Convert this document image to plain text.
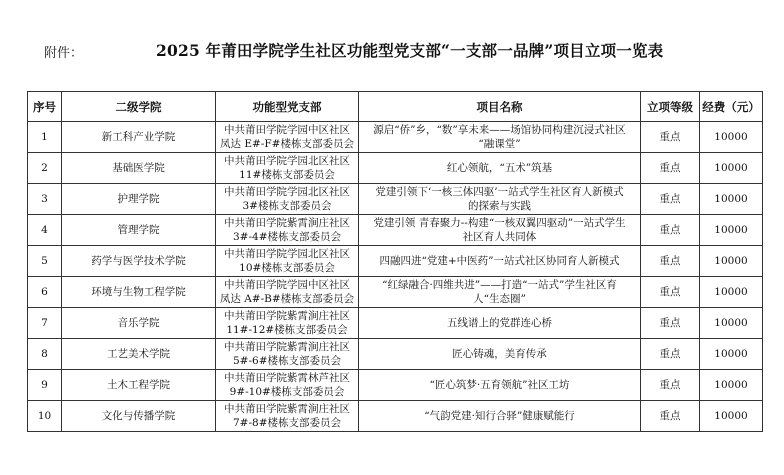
附件：	2025 年莆田学院学生社区功能型党支部“一支部一品牌”项目立项一览表
序号	二级学院	功能型党支部	项目名称	立项等级	经费（元）
1	新工科产业学院	中共莆田学院学园中区社区
凤达 E#-F#楼栋支部委员会	源启“侨”乡，“数”享未来——场馆协同构建沉浸式社区
“融课堂”	重点	10000
2	基础医学院	中共莆田学院学园北区社区
11#楼栋支部委员会	红心领航，“五术”筑基	重点	10000
3	护理学院	中共莆田学院学园北区社区
3#楼栋支部委员会	党建引领下‘一核三体四驱’一站式学生社区育人新模式
的探索与实践	重点	10000
4	管理学院	中共莆田学院紫霄涧庄社区
3#-4#楼栋支部委员会	党建引领 青春聚力--构建“一核双翼四驱动”一站式学生
社区育人共同体	重点	10000
5	药学与医学技术学院	中共莆田学院学园北区社区
10#楼栋支部委员会	四融四进“党建+中医药”一站式社区协同育人新模式	重点	10000
6	环境与生物工程学院	中共莆田学院学园中区社区
凤达 A#-B#楼栋支部委员会	“红绿融合·四维共进”——打造“一站式”学生社区育
人“生态圈”	重点	10000
7	音乐学院	中共莆田学院紫霄涧庄社区
11#-12#楼栋支部委员会	五线谱上的党群连心桥	重点	10000
8	工艺美术学院	中共莆田学院紫霄涧庄社区
5#-6#楼栋支部委员会	匠心铸魂，美育传承	重点	10000
9	土木工程学院	中共莆田学院紫霄林芦社区
9#-10#楼栋支部委员会	“匠心筑梦·五育领航”社区工坊	重点	10000
10	文化与传播学院	中共莆田学院紫霄涧庄社区
7#-8#楼栋支部委员会	“气韵党建·知行合驿”健康赋能行	重点	10000
